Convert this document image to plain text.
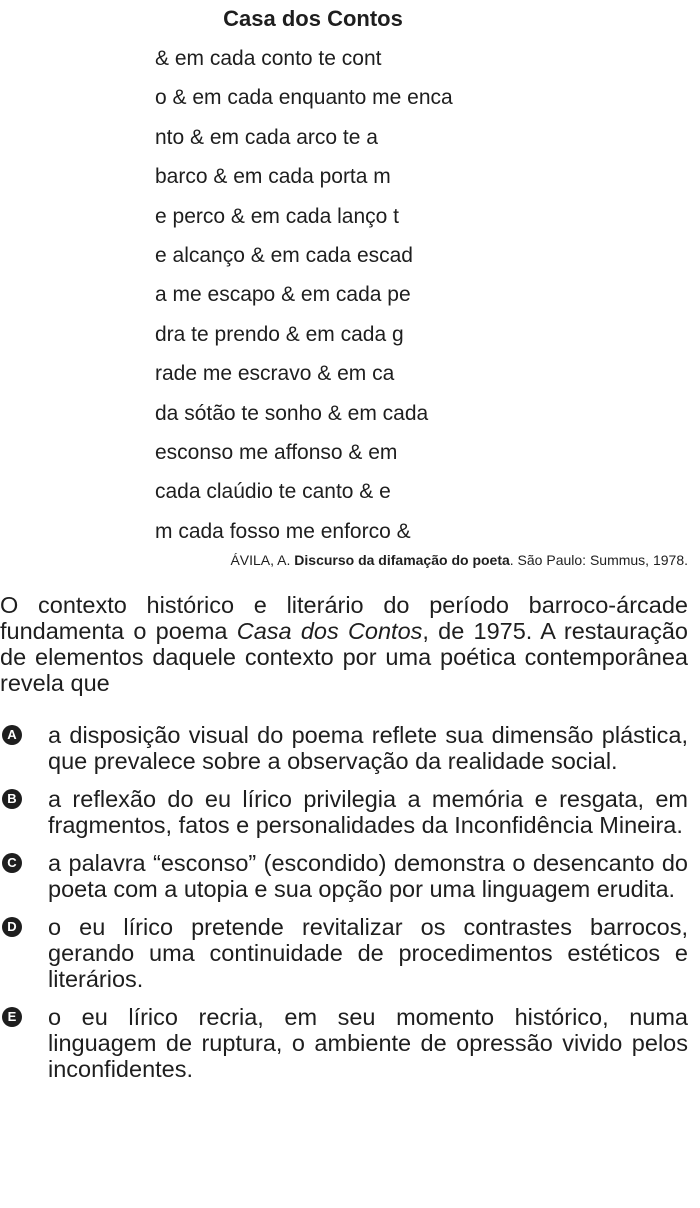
Casa dos Contos
& em cada conto te cont
o & em cada enquanto me enca
nto & em cada arco te a
barco & em cada porta m
e perco & em cada lanço t
e alcanço & em cada escad
a me escapo & em cada pe
dra te prendo & em cada g
rade me escravo & em ca
da sótão te sonho & em cada
esconso me affonso & em
cada claúdio te canto & e
m cada fosso me enforco &
ÁVILA, A. Discurso da difamação do poeta. São Paulo: Summus, 1978.

O contexto histórico e literário do período barroco-árcade fundamenta o poema Casa dos Contos, de 1975. A restauração de elementos daquele contexto por uma poética contemporânea revela que

A a disposição visual do poema reflete sua dimensão plástica, que prevalece sobre a observação da realidade social.
B a reflexão do eu lírico privilegia a memória e resgata, em fragmentos, fatos e personalidades da Inconfidência Mineira.
C a palavra “esconso” (escondido) demonstra o desencanto do poeta com a utopia e sua opção por uma linguagem erudita.
D o eu lírico pretende revitalizar os contrastes barrocos, gerando uma continuidade de procedimentos estéticos e literários.
E o eu lírico recria, em seu momento histórico, numa linguagem de ruptura, o ambiente de opressão vivido pelos inconfidentes.
